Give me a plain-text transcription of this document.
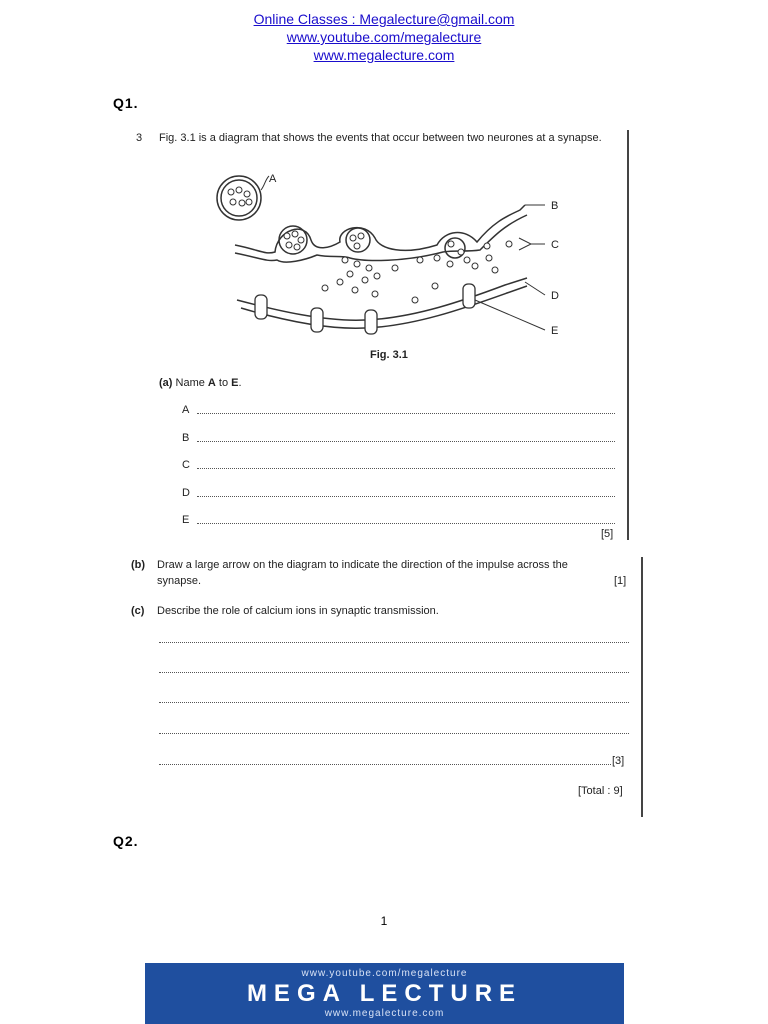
Online Classes : Megalecture@gmail.com
www.youtube.com/megalecture
www.megalecture.com
Q1.
3 Fig. 3.1 is a diagram that shows the events that occur between two neurones at a synapse.
A
B
C
D
E
Fig. 3.1
(a) Name A to E.
A
B
C
D
E
[5]
(b) Draw a large arrow on the diagram to indicate the direction of the impulse across the
synapse.	[1]
(c) Describe the role of calcium ions in synaptic transmission.
[3]
[Total : 9]
Q2.
1
www.youtube.com/megalecture
MEGA LECTURE
www.megalecture.com
